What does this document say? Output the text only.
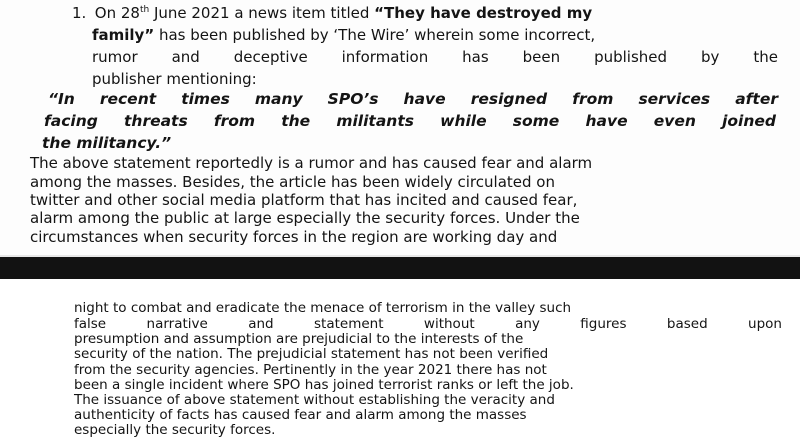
1. On 28th June 2021 a news item titled “They have destroyed my
family” has been published by ‘The Wire’ wherein some incorrect,
rumor and deceptive information has been published by the
publisher mentioning:
“In recent times many SPO’s have resigned from services after
facing threats from the militants while some have even joined
the militancy.”
The above statement reportedly is a rumor and has caused fear and alarm
among the masses. Besides, the article has been widely circulated on
twitter and other social media platform that has incited and caused fear,
alarm among the public at large especially the security forces. Under the
circumstances when security forces in the region are working day and
night to combat and eradicate the menace of terrorism in the valley such
false narrative and statement without any figures based upon
presumption and assumption are prejudicial to the interests of the
security of the nation. The prejudicial statement has not been verified
from the security agencies. Pertinently in the year 2021 there has not
been a single incident where SPO has joined terrorist ranks or left the job.
The issuance of above statement without establishing the veracity and
authenticity of facts has caused fear and alarm among the masses
especially the security forces.
